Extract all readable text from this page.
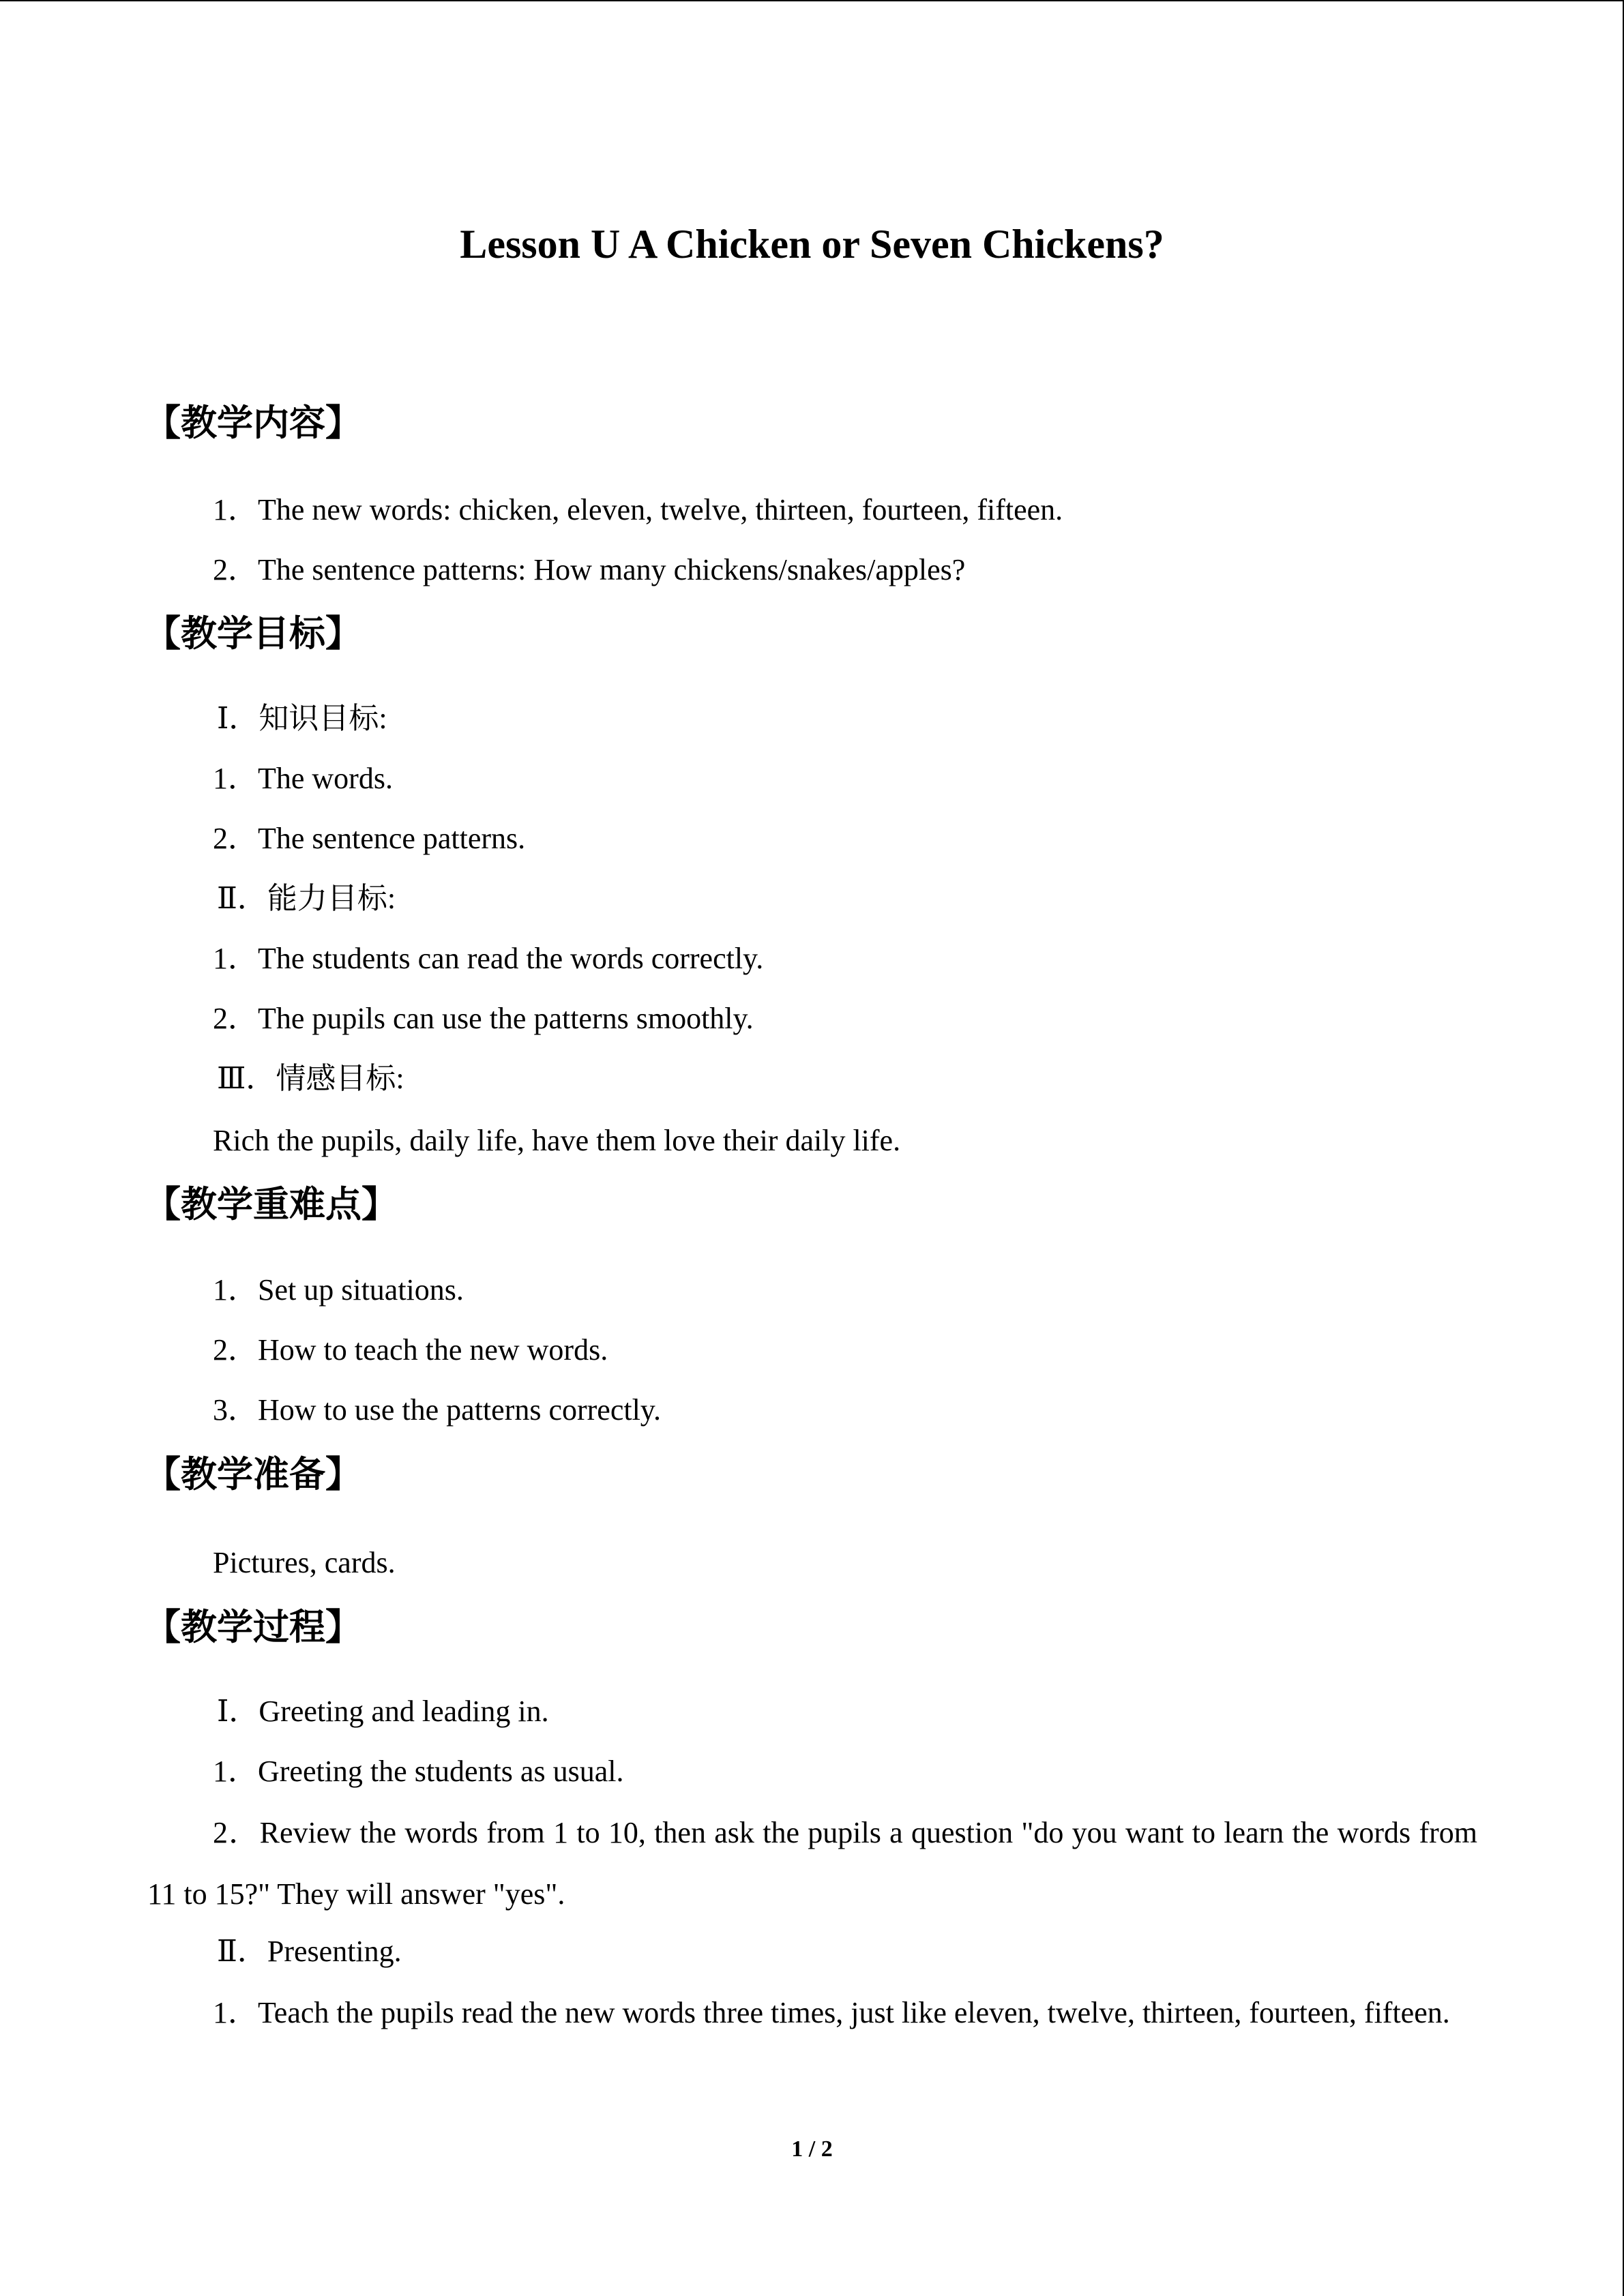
Lesson U A Chicken or Seven Chickens?
【教学内容】
1．The new words: chicken, eleven, twelve, thirteen, fourteen, fifteen.
2．The sentence patterns: How many chickens/snakes/apples?
【教学目标】
Ⅰ．知识目标:
1．The words.
2．The sentence patterns.
Ⅱ．能力目标:
1．The students can read the words correctly.
2．The pupils can use the patterns smoothly.
Ⅲ．情感目标:
Rich the pupils, daily life, have them love their daily life.
【教学重难点】
1．Set up situations.
2．How to teach the new words.
3．How to use the patterns correctly.
【教学准备】
Pictures, cards.
【教学过程】
Ⅰ．Greeting and leading in.
1．Greeting the students as usual.
2．Review the words from 1 to 10, then ask the pupils a question "do you want to learn the words from 11 to 15?" They will answer "yes".
Ⅱ．Presenting.
1．Teach the pupils read the new words three times, just like eleven, twelve, thirteen, fourteen, fifteen.
1 / 2
